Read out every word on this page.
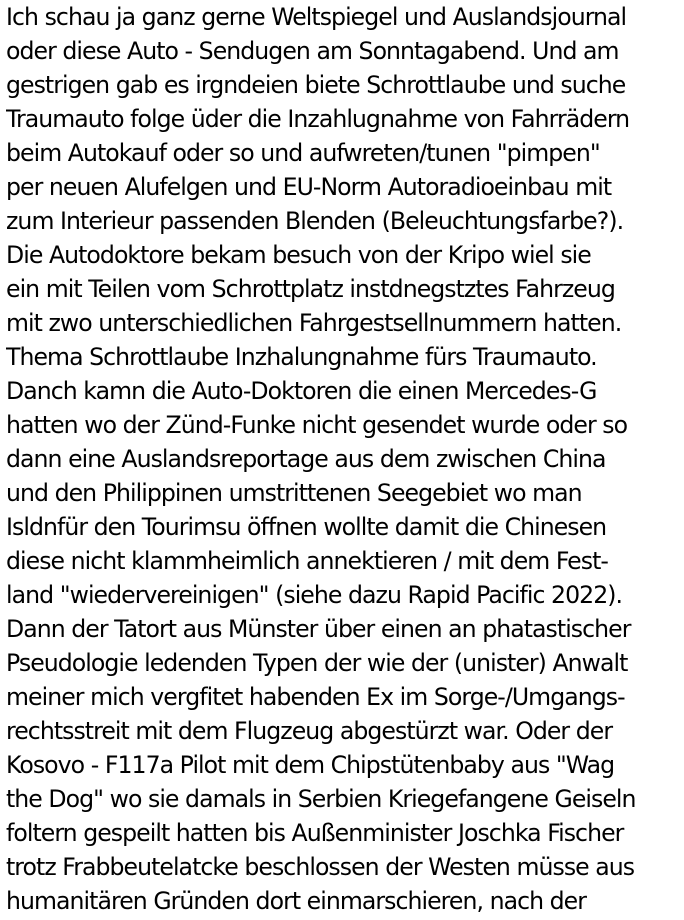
Ich schau ja ganz gerne Weltspiegel und Auslandsjournal
oder diese Auto - Sendugen am Sonntagabend. Und am
gestrigen gab es irgndeien biete Schrottlaube und suche
Traumauto folge üder die Inzahlugnahme von Fahrrädern
beim Autokauf oder so und aufwreten/tunen "pimpen"
per neuen Alufelgen und EU-Norm Autoradioeinbau mit
zum Interieur passenden Blenden (Beleuchtungsfarbe?).
Die Autodoktore bekam besuch von der Kripo wiel sie
ein mit Teilen vom Schrottplatz instdnegstztes Fahrzeug
mit zwo unterschiedlichen Fahrgestsellnummern hatten.
Thema Schrottlaube Inzhalungnahme fürs Traumauto.
Danch kamn die Auto-Doktoren die einen Mercedes-G
hatten wo der Zünd-Funke nicht gesendet wurde oder so
dann eine Auslandsreportage aus dem zwischen China
und den Philippinen umstrittenen Seegebiet wo man
Isldnfür den Tourimsu öffnen wollte damit die Chinesen
diese nicht klammheimlich annektieren / mit dem Fest-
land "wiedervereinigen" (siehe dazu Rapid Pacific 2022).
Dann der Tatort aus Münster über einen an phatastischer
Pseudologie ledenden Typen der wie der (unister) Anwalt
meiner mich vergfitet habenden Ex im Sorge-/Umgangs-
rechtsstreit mit dem Flugzeug abgestürzt war. Oder der
Kosovo - F117a Pilot mit dem Chipstütenbaby aus "Wag
the Dog" wo sie damals in Serbien Kriegefangene Geiseln
foltern gespeilt hatten bis Außenminister Joschka Fischer
trotz Frabbeutelatcke beschlossen der Westen müsse aus
humanitären Gründen dort einmarschieren, nach der
